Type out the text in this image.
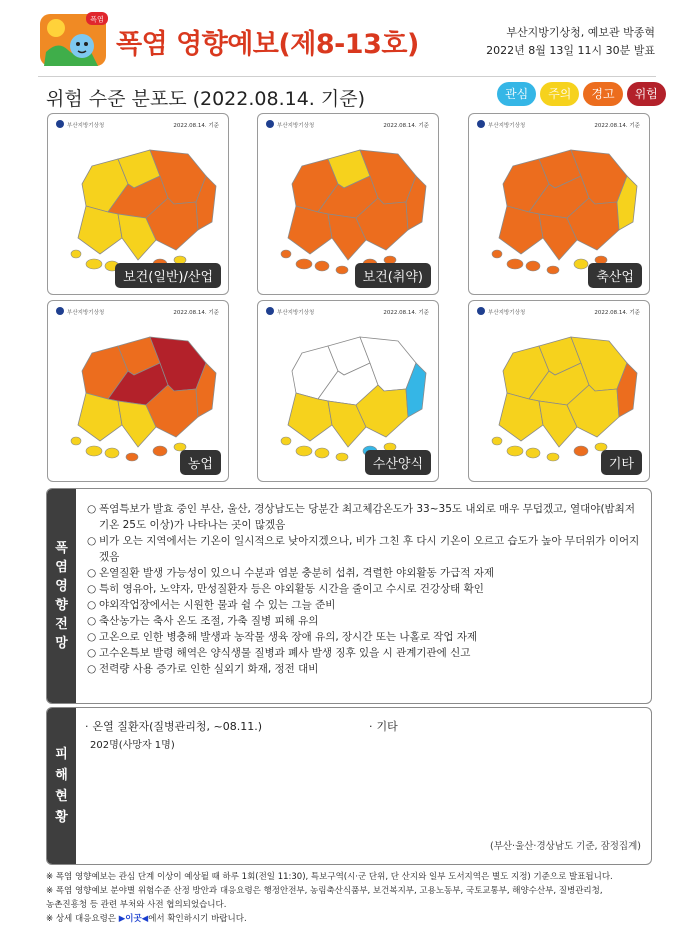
폭염
폭염 영향예보(제8-13호)	부산지방기상청, 예보관 박종혁
2022년 8월 13일 11시 30분 발표
위험 수준 분포도 (2022.08.14. 기준)	관심	주의	경고	위험
부산지방기상청	2022.08.14. 기준
보건(일반)/산업
부산지방기상청	2022.08.14. 기준
보건(취약)
부산지방기상청	2022.08.14. 기준
축산업
부산지방기상청	2022.08.14. 기준
농업
부산지방기상청	2022.08.14. 기준
수산양식
부산지방기상청	2022.08.14. 기준
기타
폭
염
영
향
전
망
○ 폭염특보가 발효 중인 부산, 울산, 경상남도는 당분간 최고체감온도가 33~35도 내외로 매우 무덥겠고, 열대야(밤최저기온 25도 이상)가 나타나는 곳이 많겠음
○ 비가 오는 지역에서는 기온이 일시적으로 낮아지겠으나, 비가 그친 후 다시 기온이 오르고 습도가 높아 무더위가 이어지겠음
○ 온열질환 발생 가능성이 있으니 수분과 염분 충분히 섭취, 격렬한 야외활동 가급적 자제
○ 특히 영유아, 노약자, 만성질환자 등은 야외활동 시간을 줄이고 수시로 건강상태 확인
○ 야외작업장에서는 시원한 물과 쉴 수 있는 그늘 준비
○ 축산농가는 축사 온도 조절, 가축 질병 피해 유의
○ 고온으로 인한 병충해 발생과 농작물 생육 장애 유의, 장시간 또는 나홀로 작업 자제
○ 고수온특보 발령 해역은 양식생물 질병과 폐사 발생 징후 있을 시 관계기관에 신고
○ 전력량 사용 증가로 인한 실외기 화재, 정전 대비
피
해
현
황
· 온열 질환자(질병관리청, ~08.11.)
202명(사망자 1명)
· 기타
(부산·울산·경상남도 기준, 잠정집계)
※ 폭염 영향예보는 관심 단계 이상이 예상될 때 하루 1회(전일 11:30), 특보구역(시·군 단위, 단 산지와 일부 도서지역은 별도 지정) 기준으로 발표됩니다.
※ 폭염 영향예보 분야별 위험수준 산정 방안과 대응요령은 행정안전부, 농림축산식품부, 보건복지부, 고용노동부, 국토교통부, 해양수산부, 질병관리청,
농촌진흥청 등 관련 부처와 사전 협의되었습니다.
※ 상세 대응요령은 ▶이곳◀에서 확인하시기 바랍니다.
